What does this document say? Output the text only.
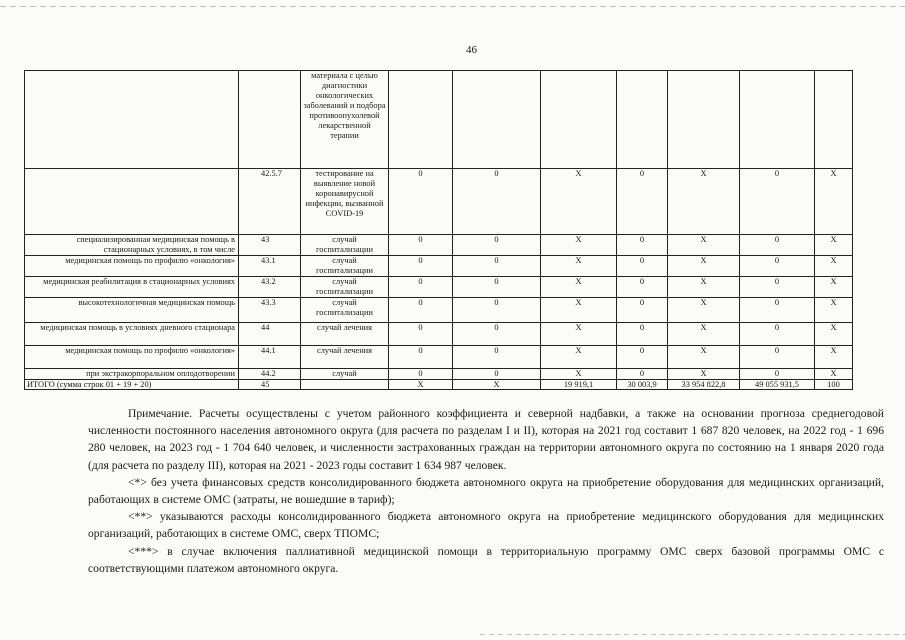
46
		материала с целью диагностики онкологических заболеваний и подбора противоопухолевой лекарственной терапии							
	42.5.7	тестирование на выявление новой коронавирусной инфекции, вызванной COVID-19	0	0	X	0	X	0	X
специализированная медицинская помощь в стационарных условиях, в том числе	43	случай госпитализации	0	0	X	0	X	0	X
медицинская помощь по профилю «онкология»	43.1	случай госпитализации	0	0	X	0	X	0	X
медицинская реабилитация в стационарных условиях	43.2	случай госпитализации	0	0	X	0	X	0	X
высокотехнологичная медицинская помощь	43.3	случай госпитализации	0	0	X	0	X	0	X
медицинская помощь в условиях дневного стационара	44	случай лечения	0	0	X	0	X	0	X
медицинская помощь по профилю «онкология»	44.1	случай лечения	0	0	X	0	X	0	X
при экстракорпоральном оплодотворении	44.2	случай	0	0	X	0	X	0	X
ИТОГО (сумма строк 01 + 19 + 20)	45		X	X	19 919,1	30 003,9	33 954 822,8	49 055 931,5	100

Примечание. Расчеты осуществлены с учетом районного коэффициента и северной надбавки, а также на основании прогноза среднегодовой численности постоянного населения автономного округа (для расчета по разделам I и II), которая на 2021 год составит 1 687 820 человек, на 2022 год - 1 696 280 человек, на 2023 год - 1 704 640 человек, и численности застрахованных граждан на территории автономного округа по состоянию на 1 января 2020 года (для расчета по разделу III), которая на 2021 - 2023 годы составит 1 634 987 человек.

<*> без учета финансовых средств консолидированного бюджета автономного округа на приобретение оборудования для медицинских организаций, работающих в системе ОМС (затраты, не вошедшие в тариф);

<**> указываются расходы консолидированного бюджета автономного округа на приобретение медицинского оборудования для медицинских организаций, работающих в системе ОМС, сверх ТПОМС;

<***> в случае включения паллиативной медицинской помощи в территориальную программу ОМС сверх базовой программы ОМС с соответствующими платежом автономного округа.
